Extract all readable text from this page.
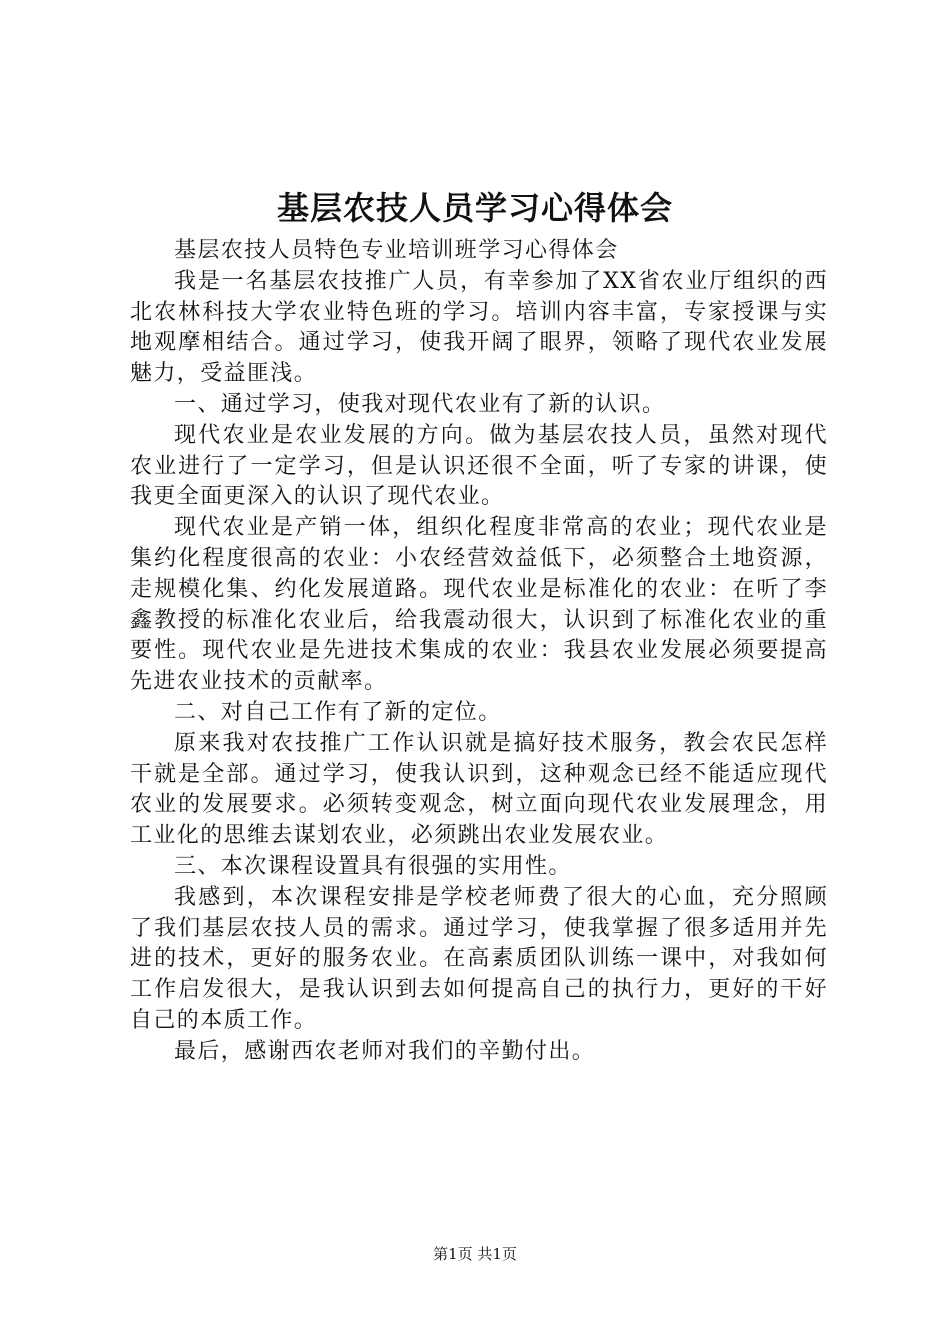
基层农技人员学习心得体会

基层农技人员特色专业培训班学习心得体会

我是一名基层农技推广人员，有幸参加了XX省农业厅组织的西北农林科技大学农业特色班的学习。培训内容丰富，专家授课与实地观摩相结合。通过学习，使我开阔了眼界，领略了现代农业发展魅力，受益匪浅。

一、通过学习，使我对现代农业有了新的认识。

现代农业是农业发展的方向。做为基层农技人员，虽然对现代农业进行了一定学习，但是认识还很不全面，听了专家的讲课，使我更全面更深入的认识了现代农业。

现代农业是产销一体，组织化程度非常高的农业；现代农业是集约化程度很高的农业：小农经营效益低下，必须整合土地资源，走规模化集、约化发展道路。现代农业是标准化的农业：在听了李鑫教授的标准化农业后，给我震动很大，认识到了标准化农业的重要性。现代农业是先进技术集成的农业：我县农业发展必须要提高先进农业技术的贡献率。

二、对自己工作有了新的定位。

原来我对农技推广工作认识就是搞好技术服务，教会农民怎样干就是全部。通过学习，使我认识到，这种观念已经不能适应现代农业的发展要求。必须转变观念，树立面向现代农业发展理念，用工业化的思维去谋划农业，必须跳出农业发展农业。

三、本次课程设置具有很强的实用性。

我感到，本次课程安排是学校老师费了很大的心血，充分照顾了我们基层农技人员的需求。通过学习，使我掌握了很多适用并先进的技术，更好的服务农业。在高素质团队训练一课中，对我如何工作启发很大，是我认识到去如何提高自己的执行力，更好的干好自己的本质工作。

最后，感谢西农老师对我们的辛勤付出。

第1页 共1页
